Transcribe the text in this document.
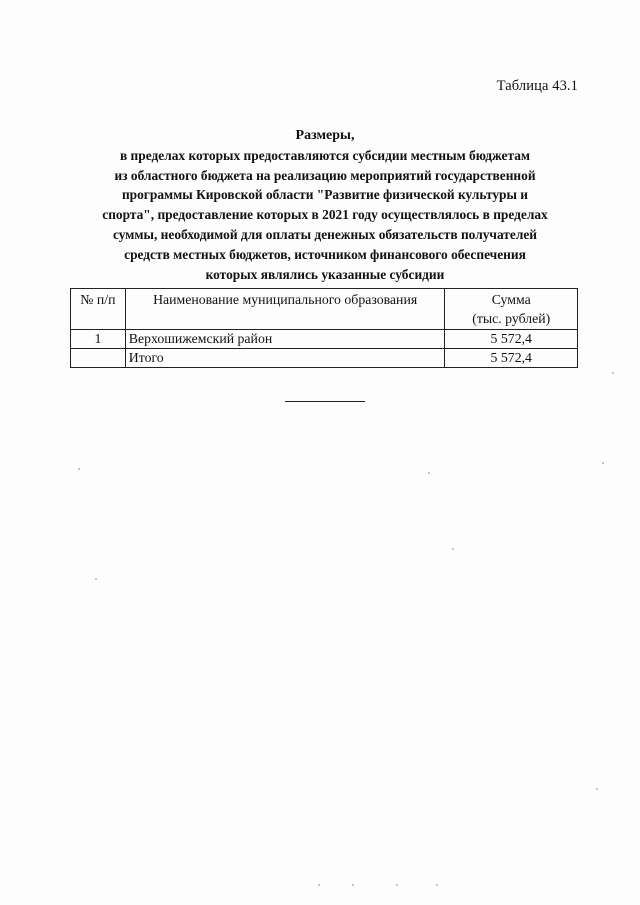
Таблица 43.1
Размеры,
в пределах которых предоставляются субсидии местным бюджетам
из областного бюджета на реализацию мероприятий государственной
программы Кировской области "Развитие физической культуры и
спорта", предоставление которых в 2021 году осуществлялось в пределах
суммы, необходимой для оплаты денежных обязательств получателей
средств местных бюджетов, источником финансового обеспечения
которых являлись указанные субсидии
№ п/п	Наименование муниципального образования	Сумма
(тыс. рублей)
1	Верхошижемский район	5 572,4
	Итого	5 572,4
